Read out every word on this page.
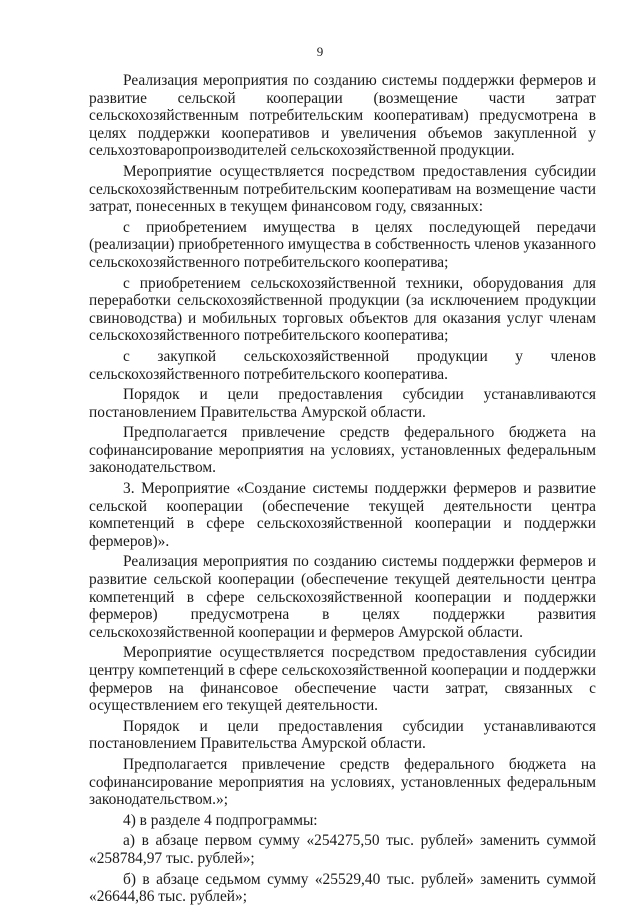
9

Реализация мероприятия по созданию системы поддержки фермеров и развитие сельской кооперации (возмещение части затрат сельскохозяйственным потребительским кооперативам) предусмотрена в целях поддержки кооперативов и увеличения объемов закупленной у сельхозтоваропроизводителей сельскохозяйственной продукции.

Мероприятие осуществляется посредством предоставления субсидии сельскохозяйственным потребительским кооперативам на возмещение части затрат, понесенных в текущем финансовом году, связанных:

с приобретением имущества в целях последующей передачи (реализации) приобретенного имущества в собственность членов указанного сельскохозяйственного потребительского кооператива;

с приобретением сельскохозяйственной техники, оборудования для переработки сельскохозяйственной продукции (за исключением продукции свиноводства) и мобильных торговых объектов для оказания услуг членам сельскохозяйственного потребительского кооператива;

с закупкой сельскохозяйственной продукции у членов сельскохозяйственного потребительского кооператива.

Порядок и цели предоставления субсидии устанавливаются постановлением Правительства Амурской области.

Предполагается привлечение средств федерального бюджета на софинансирование мероприятия на условиях, установленных федеральным законодательством.

3. Мероприятие «Создание системы поддержки фермеров и развитие сельской кооперации (обеспечение текущей деятельности центра компетенций в сфере сельскохозяйственной кооперации и поддержки фермеров)».

Реализация мероприятия по созданию системы поддержки фермеров и развитие сельской кооперации (обеспечение текущей деятельности центра компетенций в сфере сельскохозяйственной кооперации и поддержки фермеров) предусмотрена в целях поддержки развития сельскохозяйственной кооперации и фермеров Амурской области.

Мероприятие осуществляется посредством предоставления субсидии центру компетенций в сфере сельскохозяйственной кооперации и поддержки фермеров на финансовое обеспечение части затрат, связанных с осуществлением его текущей деятельности.

Порядок и цели предоставления субсидии устанавливаются постановлением Правительства Амурской области.

Предполагается привлечение средств федерального бюджета на софинансирование мероприятия на условиях, установленных федеральным законодательством.»;

4) в разделе 4 подпрограммы:

а) в абзаце первом сумму «254275,50 тыс. рублей» заменить суммой «258784,97 тыс. рублей»;

б) в абзаце седьмом сумму «25529,40 тыс. рублей» заменить суммой «26644,86 тыс. рублей»;
